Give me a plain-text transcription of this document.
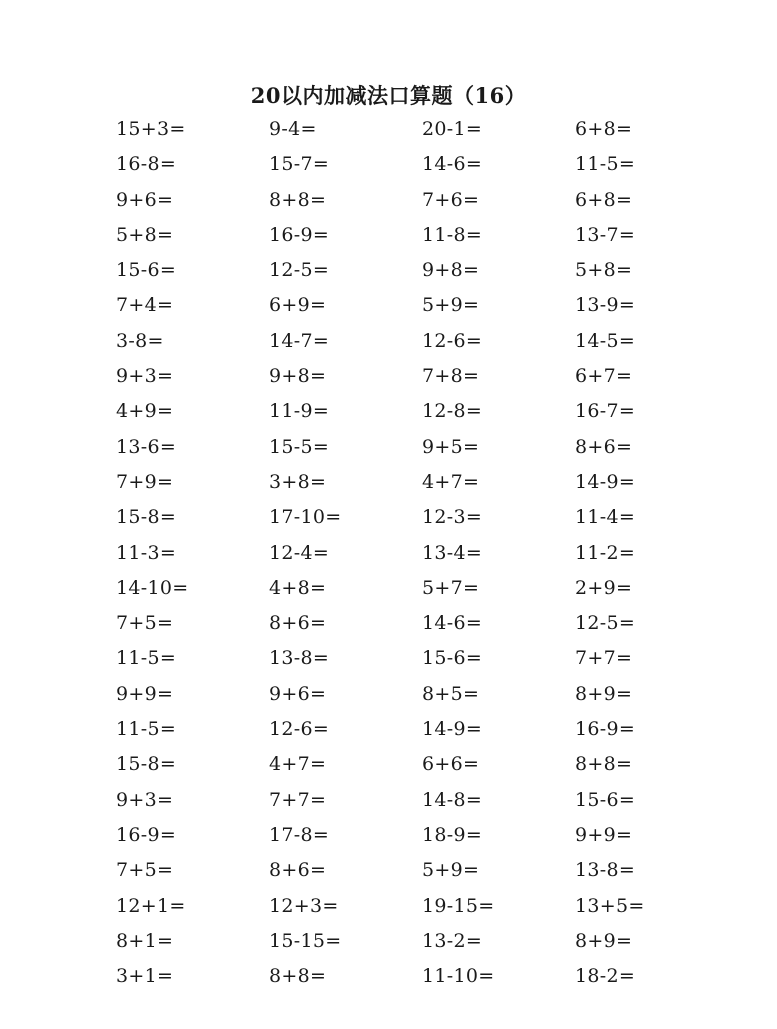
20以内加减法口算题（16）
15+3=	9-4=	20-1=	6+8=
16-8=	15-7=	14-6=	11-5=
9+6=	8+8=	7+6=	6+8=
5+8=	16-9=	11-8=	13-7=
15-6=	12-5=	9+8=	5+8=
7+4=	6+9=	5+9=	13-9=
3-8=	14-7=	12-6=	14-5=
9+3=	9+8=	7+8=	6+7=
4+9=	11-9=	12-8=	16-7=
13-6=	15-5=	9+5=	8+6=
7+9=	3+8=	4+7=	14-9=
15-8=	17-10=	12-3=	11-4=
11-3=	12-4=	13-4=	11-2=
14-10=	4+8=	5+7=	2+9=
7+5=	8+6=	14-6=	12-5=
11-5=	13-8=	15-6=	7+7=
9+9=	9+6=	8+5=	8+9=
11-5=	12-6=	14-9=	16-9=
15-8=	4+7=	6+6=	8+8=
9+3=	7+7=	14-8=	15-6=
16-9=	17-8=	18-9=	9+9=
7+5=	8+6=	5+9=	13-8=
12+1=	12+3=	19-15=	13+5=
8+1=	15-15=	13-2=	8+9=
3+1=	8+8=	11-10=	18-2=
